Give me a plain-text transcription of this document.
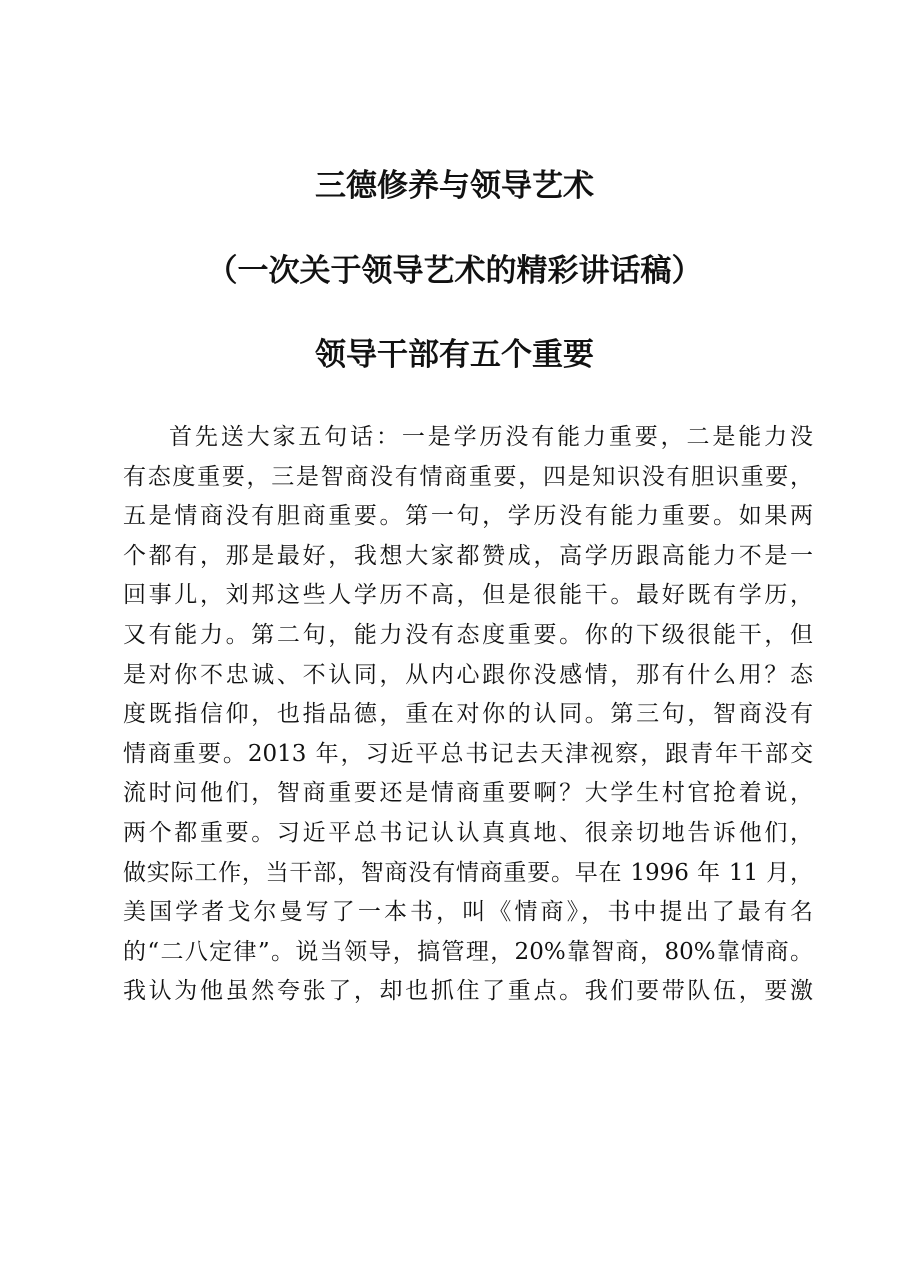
三德修养与领导艺术
（一次关于领导艺术的精彩讲话稿）
领导干部有五个重要
首先送大家五句话：一是学历没有能力重要，二是能力没
有态度重要，三是智商没有情商重要，四是知识没有胆识重要，
五是情商没有胆商重要。第一句，学历没有能力重要。如果两
个都有，那是最好，我想大家都赞成，高学历跟高能力不是一
回事儿，刘邦这些人学历不高，但是很能干。最好既有学历，
又有能力。第二句，能力没有态度重要。你的下级很能干，但
是对你不忠诚、不认同，从内心跟你没感情，那有什么用？态
度既指信仰，也指品德，重在对你的认同。第三句，智商没有
情商重要。2013 年，习近平总书记去天津视察，跟青年干部交
流时问他们，智商重要还是情商重要啊？大学生村官抢着说，
两个都重要。习近平总书记认认真真地、很亲切地告诉他们，
做实际工作，当干部，智商没有情商重要。早在 1996 年 11 月，
美国学者戈尔曼写了一本书，叫《情商》，书中提出了最有名
的“二八定律”。说当领导，搞管理，20%靠智商，80%靠情商。
我认为他虽然夸张了，却也抓住了重点。我们要带队伍，要激
